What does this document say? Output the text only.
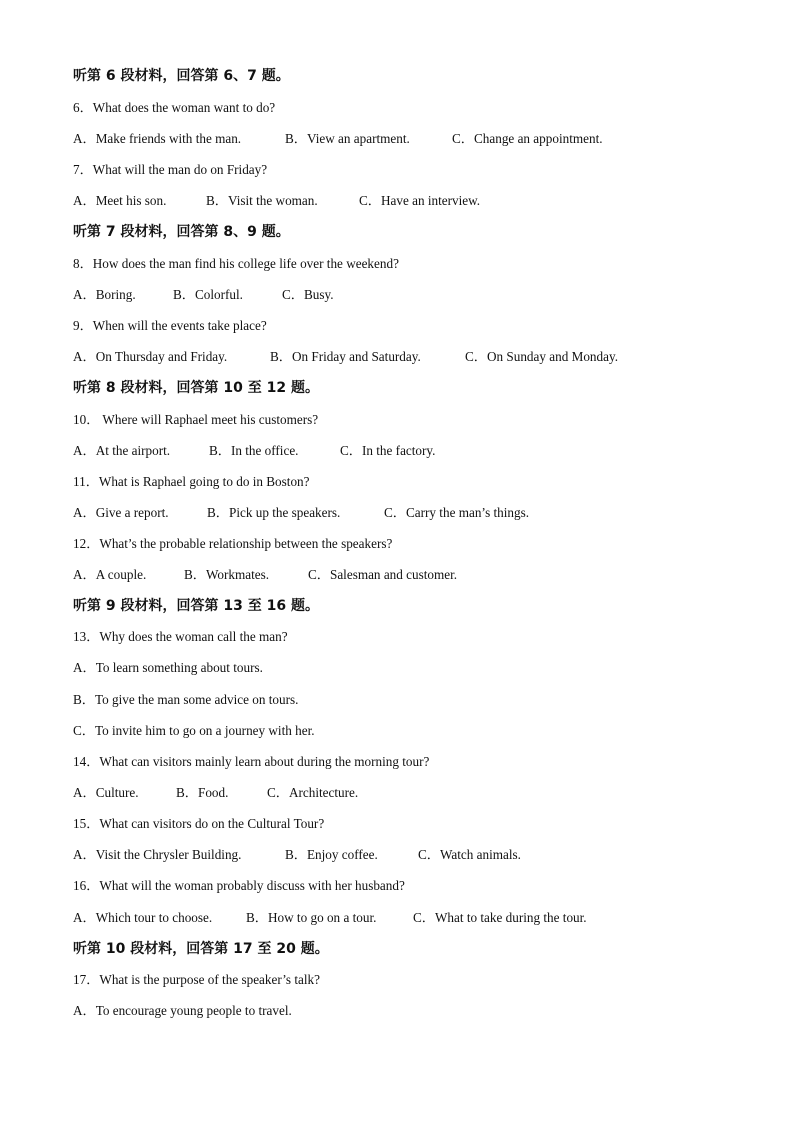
听第 6 段材料，回答第 6、7 题。
6．What does the woman want to do?
A．Make friends with the man.	B．View an apartment.	C．Change an appointment.
7．What will the man do on Friday?
A．Meet his son.	B．Visit the woman.	C．Have an interview.
听第 7 段材料，回答第 8、9 题。
8．How does the man find his college life over the weekend?
A．Boring.	B．Colorful.	C．Busy.
9．When will the events take place?
A．On Thursday and Friday.	B．On Friday and Saturday.	C．On Sunday and Monday.
听第 8 段材料，回答第 10 至 12 题。
10． Where will Raphael meet his customers?
A．At the airport.	B．In the office.	C．In the factory.
11．What is Raphael going to do in Boston?
A．Give a report.	B．Pick up the speakers.	C．Carry the man’s things.
12．What’s the probable relationship between the speakers?
A．A couple.	B．Workmates.	C．Salesman and customer.
听第 9 段材料，回答第 13 至 16 题。
13．Why does the woman call the man?
A．To learn something about tours.
B．To give the man some advice on tours.
C．To invite him to go on a journey with her.
14．What can visitors mainly learn about during the morning tour?
A．Culture.	B．Food.	C．Architecture.
15．What can visitors do on the Cultural Tour?
A．Visit the Chrysler Building.	B．Enjoy coffee.	C．Watch animals.
16．What will the woman probably discuss with her husband?
A．Which tour to choose.	B．How to go on a tour.	C．What to take during the tour.
听第 10 段材料，回答第 17 至 20 题。
17．What is the purpose of the speaker’s talk?
A．To encourage young people to travel.
